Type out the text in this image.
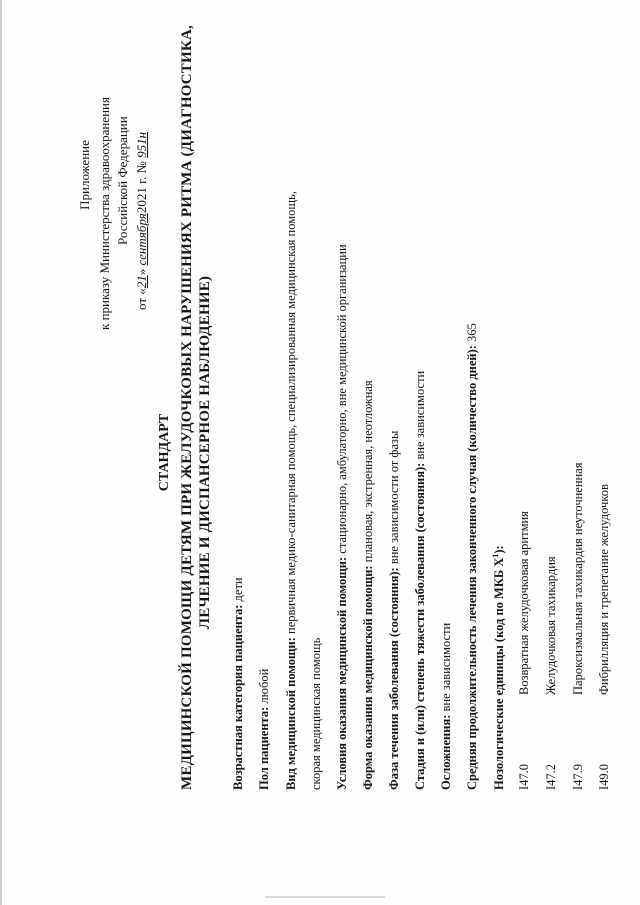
Приложение к приказу Министерства здравоохранения Российской Федерации
от «21» сентября2021 г. № 951н
СТАНДАРТ МЕДИЦИНСКОЙ ПОМОЩИ ДЕТЯМ ПРИ ЖЕЛУДОЧКОВЫХ НАРУШЕНИЯХ РИТМА (ДИАГНОСТИКА, ЛЕЧЕНИЕ И ДИСПАНСЕРНОЕ НАБЛЮДЕНИЕ)
Возрастная категория пациента: дети
Пол пациента: любой Вид медицинской помощи: первичная медико-санитарная помощь, специализированная медицинская помощь,
скорая медицинская помощь Условия оказания медицинской помощи: стационарно, амбулаторно, вне медицинской организации
Форма оказания медицинской помощи: плановая, экстренная, неотложная
Фаза течения заболевания (состояния): вне зависимости от фазы Стадия и (или) степень тяжести заболевания (состояния): вне зависимости
Осложнения: вне зависимости Средняя продолжительность лечения законченного случая (количество дней): 365
Нозологические единицы (код по МКБ $X^1$):
I47.0
Возвратная желудочковая аритмия
I47.2
Желудочковая тахикардия
I47.9
Пароксизмальная тахикардия неуточненная
I49.0
Фибрилляция и трепетание желудочков
